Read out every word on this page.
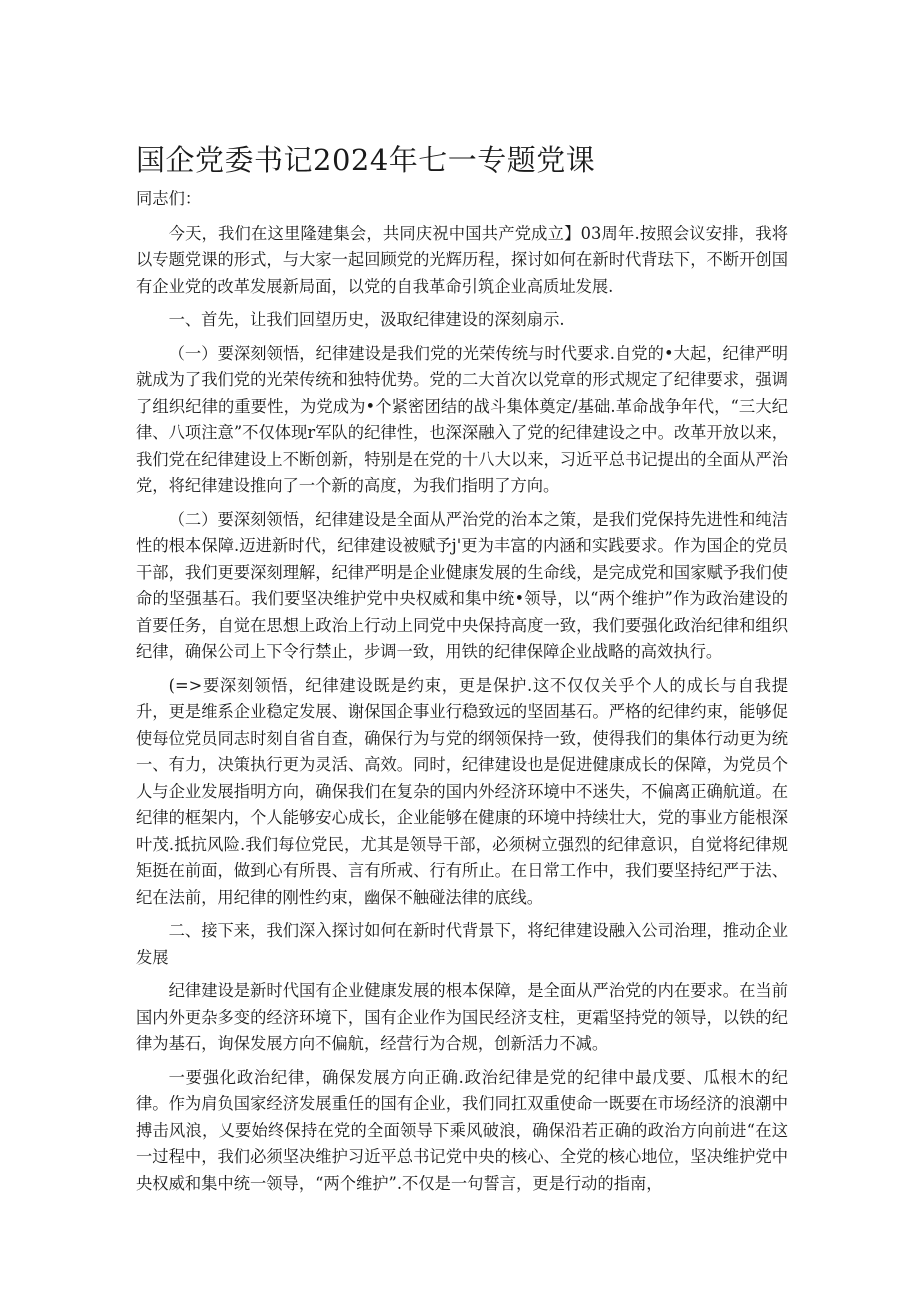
国企党委书记2024年七一专题党课

同志们：

今天，我们在这里隆建集会，共同庆祝中国共产党成立】03周年.按照会议安排，我将以专题党课的形式，与大家一起回顾党的光辉历程，探讨如何在新时代背珐下，不断开创国有企业党的改革发展新局面，以党的自我革命引筑企业高质址发展.

一、首先，让我们回望历史，汲取纪律建设的深刻扇示.

（一）要深刻领悟，纪律建设是我们党的光荣传统与时代要求.自党的•大起，纪律严明就成为了我们党的光荣传统和独特优势。党的二大首次以党章的形式规定了纪律要求，强调了组织纪律的重要性，为党成为•个紧密团结的战斗集体奠定/基础.革命战争年代，“三大纪律、八项注意”不仅体现r军队的纪律性，也深深融入了党的纪律建设之中。改革开放以来，我们党在纪律建设上不断创新，特别是在党的十八大以来，习近平总书记提出的全面从严治党，将纪律建设推向了一个新的高度，为我们指明了方向。

（二）要深刻领悟，纪律建设是全面从严治党的治本之策，是我们党保持先进性和纯洁性的根本保障.迈进新时代，纪律建设被赋予j'更为丰富的内涵和实践要求。作为国企的党员干部，我们更要深刻理解，纪律严明是企业健康发展的生命线，是完成党和国家赋予我们使命的坚强基石。我们要坚决维护党中央权威和集中统•领导，以“两个维护”作为政治建设的首要任务，自觉在思想上政治上行动上同党中央保持高度一致，我们要强化政治纪律和组织纪律，确保公司上下令行禁止，步调一致，用铁的纪律保障企业战略的高效执行。

(=>要深刻领悟，纪律建设既是约束，更是保护.这不仅仅关乎个人的成长与自我提升，更是维系企业稳定发展、谢保国企事业行稳致远的坚固基石。严格的纪律约束，能够促使每位党员同志时刻自省自查，确保行为与党的纲领保持一致，使得我们的集体行动更为统一、有力，决策执行更为灵活、高效。同时，纪律建设也是促进健康成长的保障，为党员个人与企业发展指明方向，确保我们在复杂的国内外经济环境中不迷失，不偏离正确航道。在纪律的框架内，个人能够安心成长，企业能够在健康的环境中持续壮大，党的事业方能根深叶茂.抵抗风险.我们每位党民，尤其是领导干部，必须树立强烈的纪律意识，自觉将纪律规矩挺在前面，做到心有所畏、言有所戒、行有所止。在日常工作中，我们要坚持纪严于法、纪在法前，用纪律的刚性约束，幽保不触碰法律的底线。

二、接下来，我们深入探讨如何在新时代背景下，将纪律建设融入公司治理，推动企业发展

纪律建设是新时代国有企业健康发展的根本保障，是全面从严治党的内在要求。在当前国内外更杂多变的经济环境下，国有企业作为国民经济支柱，更霜坚持党的领导，以铁的纪律为基石，询保发展方向不偏航，经营行为合规，创新活力不减。

一要强化政治纪律，确保发展方向正确.政治纪律是党的纪律中最戊要、瓜根木的纪律。作为肩负国家经济发展重任的国有企业，我们同扛双重使命一既要在市场经济的浪潮中搏击风浪，乂要始终保持在党的全面领导下乘风破浪，确保沿若正确的政治方向前进“在这一过程中，我们必须坚决维护习近平总书记党中央的核心、全党的核心地位，坚决维护党中央权威和集中统一领导，“两个维护”.不仅是一句誓言，更是行动的指南，
